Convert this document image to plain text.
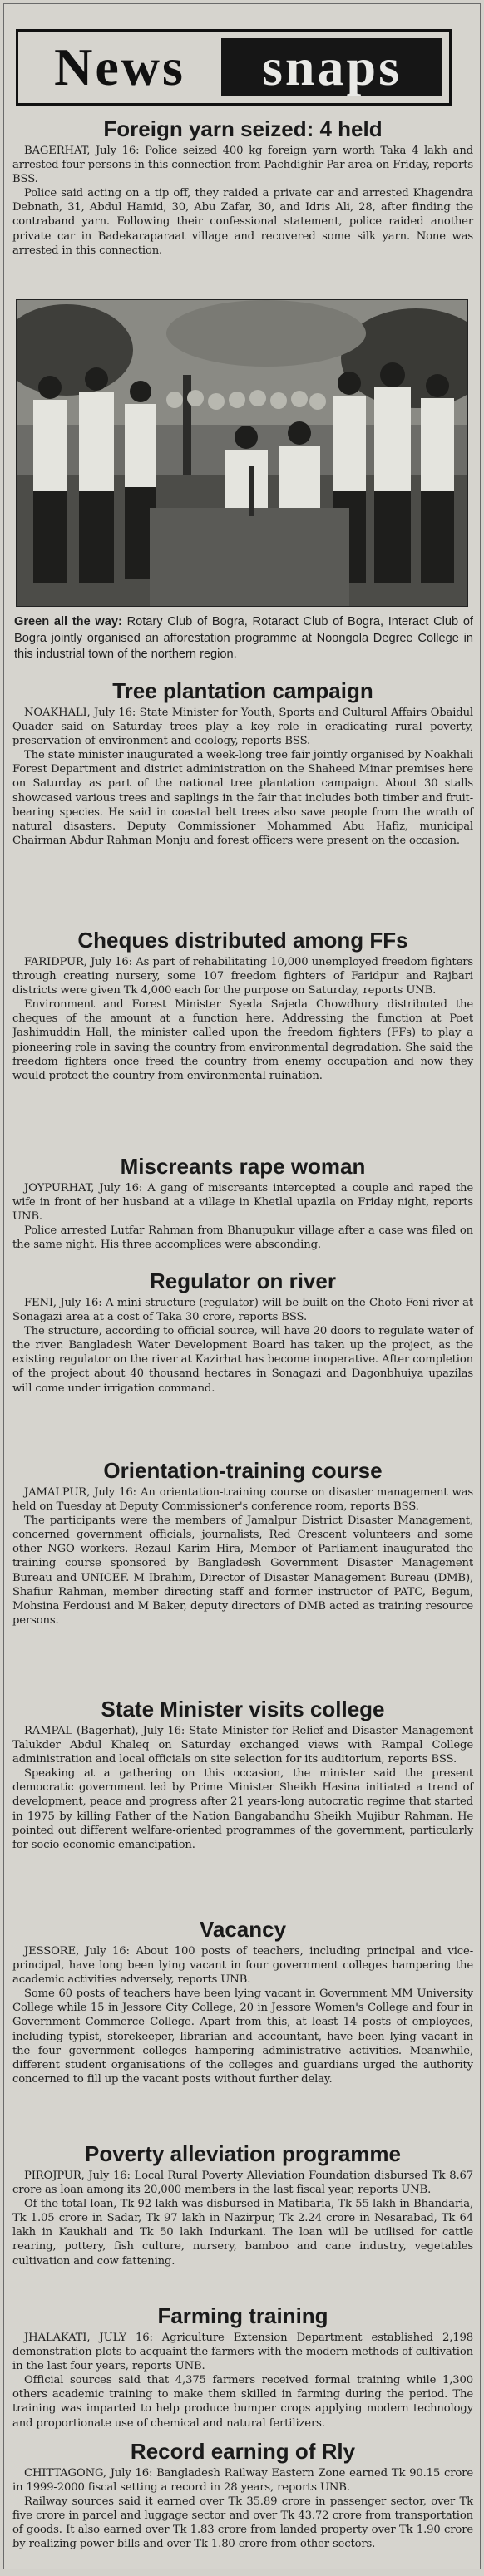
News	snaps
Foreign yarn seized: 4 held

BAGERHAT, July 16: Police seized 400 kg foreign yarn worth Taka 4 lakh and arrested four persons in this connection from Pachdighir Par area on Friday, reports BSS.

Police said acting on a tip off, they raided a private car and arrested Khagendra Debnath, 31, Abdul Hamid, 30, Abu Zafar, 30, and Idris Ali, 28, after finding the contraband yarn. Following their confessional statement, police raided another private car in Badekaraparaat village and recovered some silk yarn. None was arrested in this connection.

Green all the way: Rotary Club of Bogra, Rotaract Club of Bogra, Interact Club of Bogra jointly organised an afforestation programme at Noongola Degree College in this industrial town of the northern region.
Tree plantation campaign

NOAKHALI, July 16: State Minister for Youth, Sports and Cultural Affairs Obaidul Quader said on Saturday trees play a key role in eradicating rural poverty, preservation of environment and ecology, reports BSS.

The state minister inaugurated a week-long tree fair jointly organised by Noakhali Forest Department and district administration on the Shaheed Minar premises here on Saturday as part of the national tree plantation campaign. About 30 stalls showcased various trees and saplings in the fair that includes both timber and fruit-bearing species. He said in coastal belt trees also save people from the wrath of natural disasters. Deputy Commissioner Mohammed Abu Hafiz, municipal Chairman Abdur Rahman Monju and forest officers were present on the occasion.

Cheques distributed among FFs

FARIDPUR, July 16: As part of rehabilitating 10,000 unemployed freedom fighters through creating nursery, some 107 freedom fighters of Faridpur and Rajbari districts were given Tk 4,000 each for the purpose on Saturday, reports UNB.

Environment and Forest Minister Syeda Sajeda Chowdhury distributed the cheques of the amount at a function here. Addressing the function at Poet Jashimuddin Hall, the minister called upon the freedom fighters (FFs) to play a pioneering role in saving the country from environmental degradation. She said the freedom fighters once freed the country from enemy occupation and now they would protect the country from environmental ruination.

Miscreants rape woman

JOYPURHAT, July 16: A gang of miscreants intercepted a couple and raped the wife in front of her husband at a village in Khetlal upazila on Friday night, reports UNB.

Police arrested Lutfar Rahman from Bhanupukur village after a case was filed on the same night. His three accomplices were absconding.

Regulator on river

FENI, July 16: A mini structure (regulator) will be built on the Choto Feni river at Sonagazi area at a cost of Taka 30 crore, reports BSS.

The structure, according to official source, will have 20 doors to regulate water of the river. Bangladesh Water Development Board has taken up the project, as the existing regulator on the river at Kazirhat has become inoperative. After completion of the project about 40 thousand hectares in Sonagazi and Dagonbhuiya upazilas will come under irrigation command.

Orientation-training course

JAMALPUR, July 16: An orientation-training course on disaster management was held on Tuesday at Deputy Commissioner's conference room, reports BSS.

The participants were the members of Jamalpur District Disaster Management, concerned government officials, journalists, Red Crescent volunteers and some other NGO workers. Rezaul Karim Hira, Member of Parliament inaugurated the training course sponsored by Bangladesh Government Disaster Management Bureau and UNICEF. M Ibrahim, Director of Disaster Management Bureau (DMB), Shafiur Rahman, member directing staff and former instructor of PATC, Begum, Mohsina Ferdousi and M Baker, deputy directors of DMB acted as training resource persons.

State Minister visits college

RAMPAL (Bagerhat), July 16: State Minister for Relief and Disaster Management Talukder Abdul Khaleq on Saturday exchanged views with Rampal College administration and local officials on site selection for its auditorium, reports BSS.

Speaking at a gathering on this occasion, the minister said the present democratic government led by Prime Minister Sheikh Hasina initiated a trend of development, peace and progress after 21 years-long autocratic regime that started in 1975 by killing Father of the Nation Bangabandhu Sheikh Mujibur Rahman. He pointed out different welfare-oriented programmes of the government, particularly for socio-economic emancipation.

Vacancy

JESSORE, July 16: About 100 posts of teachers, including principal and vice-principal, have long been lying vacant in four government colleges hampering the academic activities adversely, reports UNB.

Some 60 posts of teachers have been lying vacant in Government MM University College while 15 in Jessore City College, 20 in Jessore Women's College and four in Government Commerce College. Apart from this, at least 14 posts of employees, including typist, storekeeper, librarian and accountant, have been lying vacant in the four government colleges hampering administrative activities. Meanwhile, different student organisations of the colleges and guardians urged the authority concerned to fill up the vacant posts without further delay.

Poverty alleviation programme

PIROJPUR, July 16: Local Rural Poverty Alleviation Foundation disbursed Tk 8.67 crore as loan among its 20,000 members in the last fiscal year, reports UNB.

Of the total loan, Tk 92 lakh was disbursed in Matibaria, Tk 55 lakh in Bhandaria, Tk 1.05 crore in Sadar, Tk 97 lakh in Nazirpur, Tk 2.24 crore in Nesarabad, Tk 64 lakh in Kaukhali and Tk 50 lakh Indurkani. The loan will be utilised for cattle rearing, pottery, fish culture, nursery, bamboo and cane industry, vegetables cultivation and cow fattening.

Farming training

JHALAKATI, JULY 16: Agriculture Extension Department established 2,198 demonstration plots to acquaint the farmers with the modern methods of cultivation in the last four years, reports UNB.

Official sources said that 4,375 farmers received formal training while 1,300 others academic training to make them skilled in farming during the period. The training was imparted to help produce bumper crops applying modern technology and proportionate use of chemical and natural fertilizers.

Record earning of Rly

CHITTAGONG, July 16: Bangladesh Railway Eastern Zone earned Tk 90.15 crore in 1999-2000 fiscal setting a record in 28 years, reports UNB.

Railway sources said it earned over Tk 35.89 crore in passenger sector, over Tk five crore in parcel and luggage sector and over Tk 43.72 crore from transportation of goods. It also earned over Tk 1.83 crore from landed property over Tk 1.90 crore by realizing power bills and over Tk 1.80 crore from other sectors.
